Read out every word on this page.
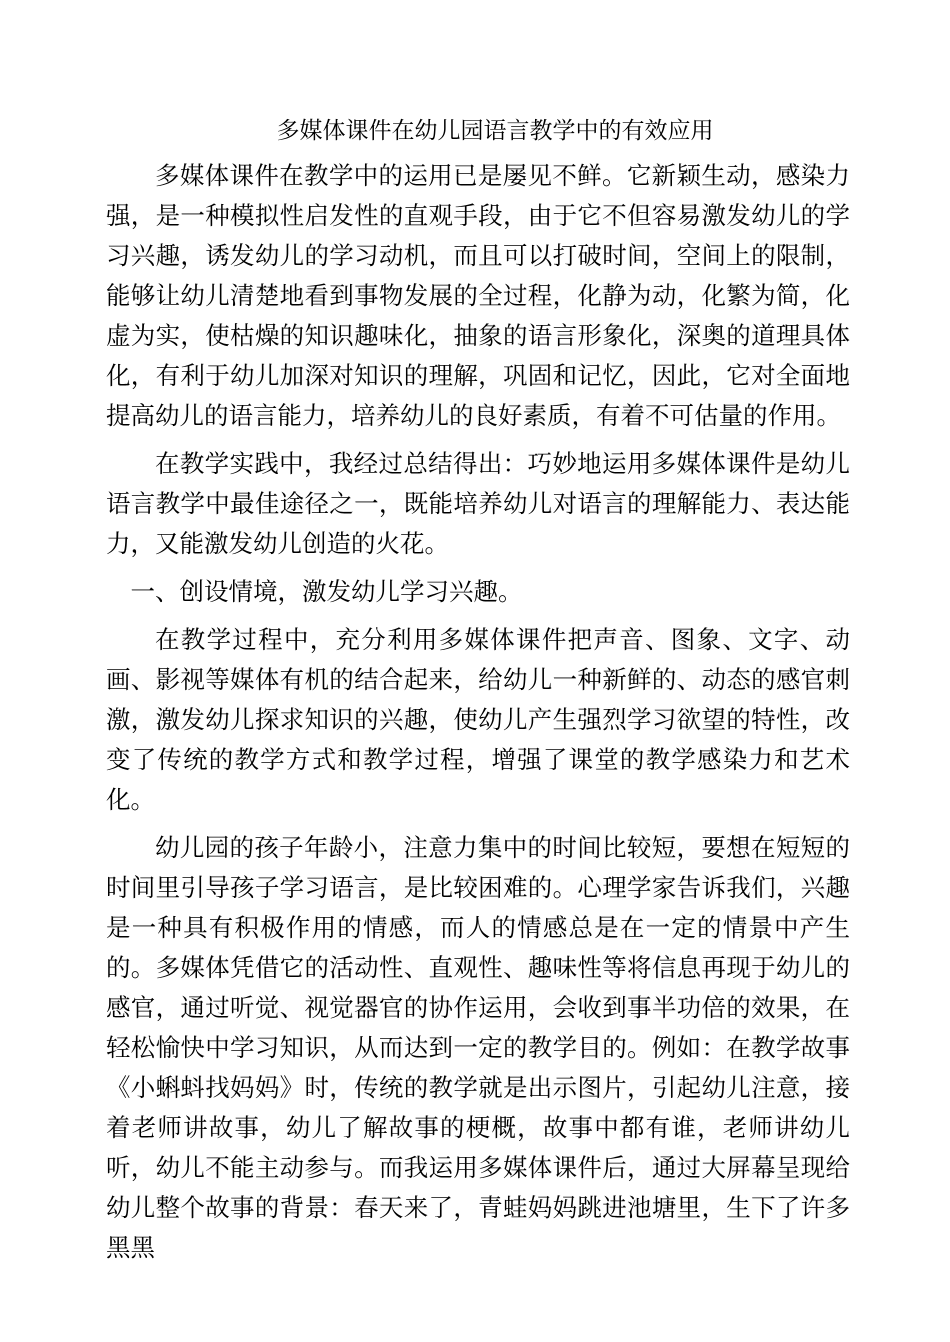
多媒体课件在幼儿园语言教学中的有效应用

多媒体课件在教学中的运用已是屡见不鲜。它新颖生动，感染力强，是一种模拟性启发性的直观手段，由于它不但容易激发幼儿的学习兴趣，诱发幼儿的学习动机，而且可以打破时间，空间上的限制，能够让幼儿清楚地看到事物发展的全过程，化静为动，化繁为简，化虚为实，使枯燥的知识趣味化，抽象的语言形象化，深奥的道理具体化，有利于幼儿加深对知识的理解，巩固和记忆，因此，它对全面地提高幼儿的语言能力，培养幼儿的良好素质，有着不可估量的作用。

在教学实践中，我经过总结得出：巧妙地运用多媒体课件是幼儿语言教学中最佳途径之一，既能培养幼儿对语言的理解能力、表达能力，又能激发幼儿创造的火花。

一、创设情境，激发幼儿学习兴趣。

在教学过程中，充分利用多媒体课件把声音、图象、文字、动画、影视等媒体有机的结合起来，给幼儿一种新鲜的、动态的感官刺激，激发幼儿探求知识的兴趣，使幼儿产生强烈学习欲望的特性，改变了传统的教学方式和教学过程，增强了课堂的教学感染力和艺术化。

幼儿园的孩子年龄小，注意力集中的时间比较短，要想在短短的时间里引导孩子学习语言，是比较困难的。心理学家告诉我们，兴趣是一种具有积极作用的情感，而人的情感总是在一定的情景中产生的。多媒体凭借它的活动性、直观性、趣味性等将信息再现于幼儿的感官，通过听觉、视觉器官的协作运用，会收到事半功倍的效果，在轻松愉快中学习知识，从而达到一定的教学目的。例如：在教学故事《小蝌蚪找妈妈》时，传统的教学就是出示图片，引起幼儿注意，接着老师讲故事，幼儿了解故事的梗概，故事中都有谁，老师讲幼儿听，幼儿不能主动参与。而我运用多媒体课件后，通过大屏幕呈现给幼儿整个故事的背景：春天来了，青蛙妈妈跳进池塘里，生下了许多黑黑
